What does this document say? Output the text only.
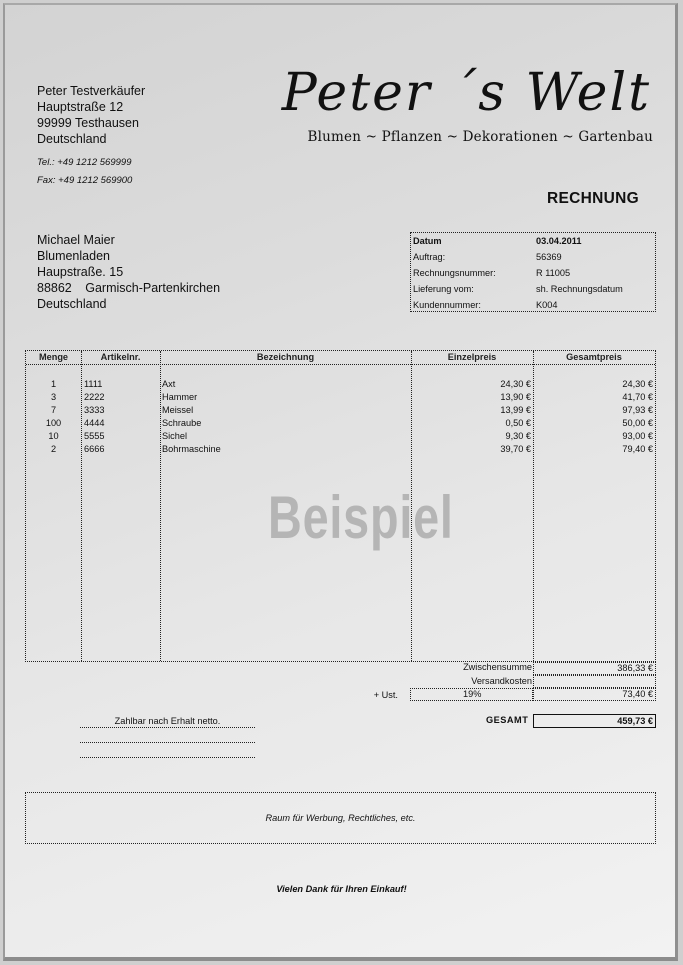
Peter Testverkäufer
Hauptstraße 12
99999 Testhausen
Deutschland
Tel.: +49 1212 569999
Fax: +49 1212 569900
Peter ´s Welt
Blumen ~ Pflanzen ~ Dekorationen ~ Gartenbau
RECHNUNG
Michael Maier
Blumenladen
Haupstraße. 15
88862 Garmisch-Partenkirchen
Deutschland
Datum	03.04.2011
Auftrag:	56369
Rechnungsnummer:	R 11005
Lieferung vom:	sh. Rechnungsdatum
Kundennummer:	K004
Menge	Artikelnr.	Bezeichnung	Einzelpreis	Gesamtpreis
1	1111	Axt	24,30 €	24,30 €
3	2222	Hammer	13,90 €	41,70 €
7	3333	Meissel	13,99 €	97,93 €
100	4444	Schraube	0,50 €	50,00 €
10	5555	Sichel	9,30 €	93,00 €
2	6666	Bohrmaschine	39,70 €	79,40 €
Beispiel
Zwischensumme	386,33 €
Versandkosten
+ Ust.	19%	73,40 €
GESAMT	459,73 €
Zahlbar nach Erhalt netto.
Raum für Werbung, Rechtliches, etc.
Vielen Dank für Ihren Einkauf!
